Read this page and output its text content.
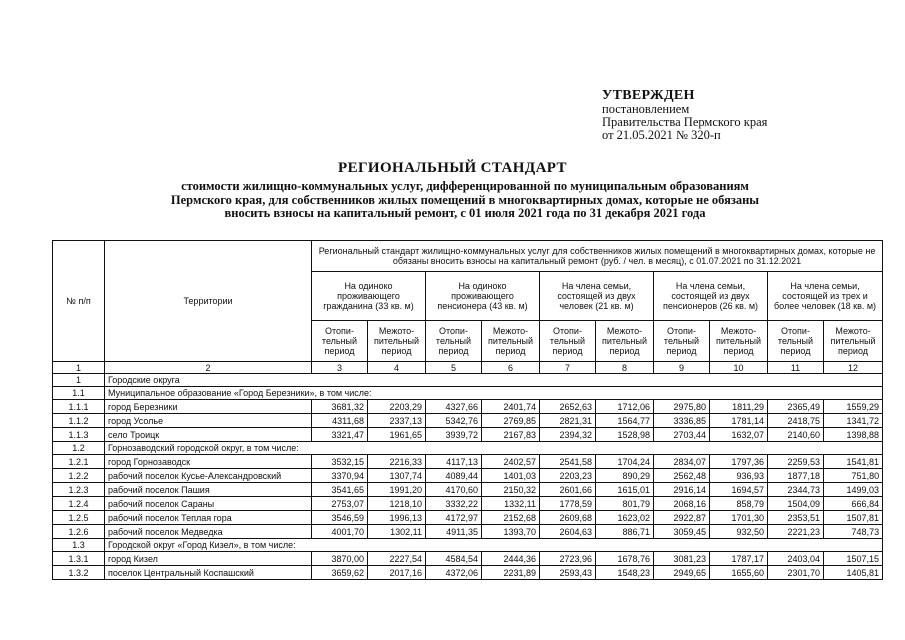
УТВЕРЖДЕН
постановлением
Правительства Пермского края
от 21.05.2021 № 320-п
РЕГИОНАЛЬНЫЙ СТАНДАРТ
стоимости жилищно-коммунальных услуг, дифференцированной по муниципальным образованиям
Пермского края, для собственников жилых помещений в многоквартирных домах, которые не обязаны
вносить взносы на капитальный ремонт, с 01 июля 2021 года по 31 декабря 2021 года
№ п/п	Территории	Региональный стандарт жилищно-коммунальных услуг для собственников жилых помещений в многоквартирных домах, которые не обязаны вносить взносы на капитальный ремонт (руб. / чел. в месяц), с 01.07.2021 по 31.12.2021									
		На одиноко проживающего гражданина (33 кв. м)		На одиноко проживающего пенсионера (43 кв. м)		На члена семьи, состоящей из двух человек (21 кв. м)		На члена семьи, состоящей из двух пенсионеров (26 кв. м)		На члена семьи, состоящей из трех и более человек (18 кв. м)	
		Отопи- тельный период	Межото- пительный период	Отопи- тельный период	Межото- пительный период	Отопи- тельный период	Межото- пительный период	Отопи- тельный период	Межото- пительный период	Отопи- тельный период	Межото- пительный период
1	2	3	4	5	6	7	8	9	10	11	12
1	Городские округа										
1.1	Муниципальное образование «Город Березники», в том числе:										
1.1.1	город Березники	3681,32	2203,29	4327,66	2401,74	2652,63	1712,06	2975,80	1811,29	2365,49	1559,29
1.1.2	город Усолье	4311,68	2337,13	5342,76	2769,85	2821,31	1564,77	3336,85	1781,14	2418,75	1341,72
1.1.3	село Троицк	3321,47	1961,65	3939,72	2167,83	2394,32	1528,98	2703,44	1632,07	2140,60	1398,88
1.2	Горнозаводский городской округ, в том числе:										
1.2.1	город Горнозаводск	3532,15	2216,33	4117,13	2402,57	2541,58	1704,24	2834,07	1797,36	2259,53	1541,81
1.2.2	рабочий поселок Кусье-Александровский	3370,94	1307,74	4089,44	1401,03	2203,23	890,29	2562,48	936,93	1877,18	751,80
1.2.3	рабочий поселок Пашия	3541,65	1991,20	4170,60	2150,32	2601,66	1615,01	2916,14	1694,57	2344,73	1499,03
1.2.4	рабочий поселок Сараны	2753,07	1218,10	3332,22	1332,11	1778,59	801,79	2068,16	858,79	1504,09	666,84
1.2.5	рабочий поселок Теплая гора	3546,59	1996,13	4172,97	2152,68	2609,68	1623,02	2922,87	1701,30	2353,51	1507,81
1.2.6	рабочий поселок Медведка	4001,70	1302,11	4911,35	1393,70	2604,63	886,71	3059,45	932,50	2221,23	748,73
1.3	Городской округ «Город Кизел», в том числе:										
1.3.1	город Кизел	3870,00	2227,54	4584,54	2444,36	2723,96	1678,76	3081,23	1787,17	2403,04	1507,15
1.3.2	поселок Центральный Коспашский	3659,62	2017,16	4372,06	2231,89	2593,43	1548,23	2949,65	1655,60	2301,70	1405,81
